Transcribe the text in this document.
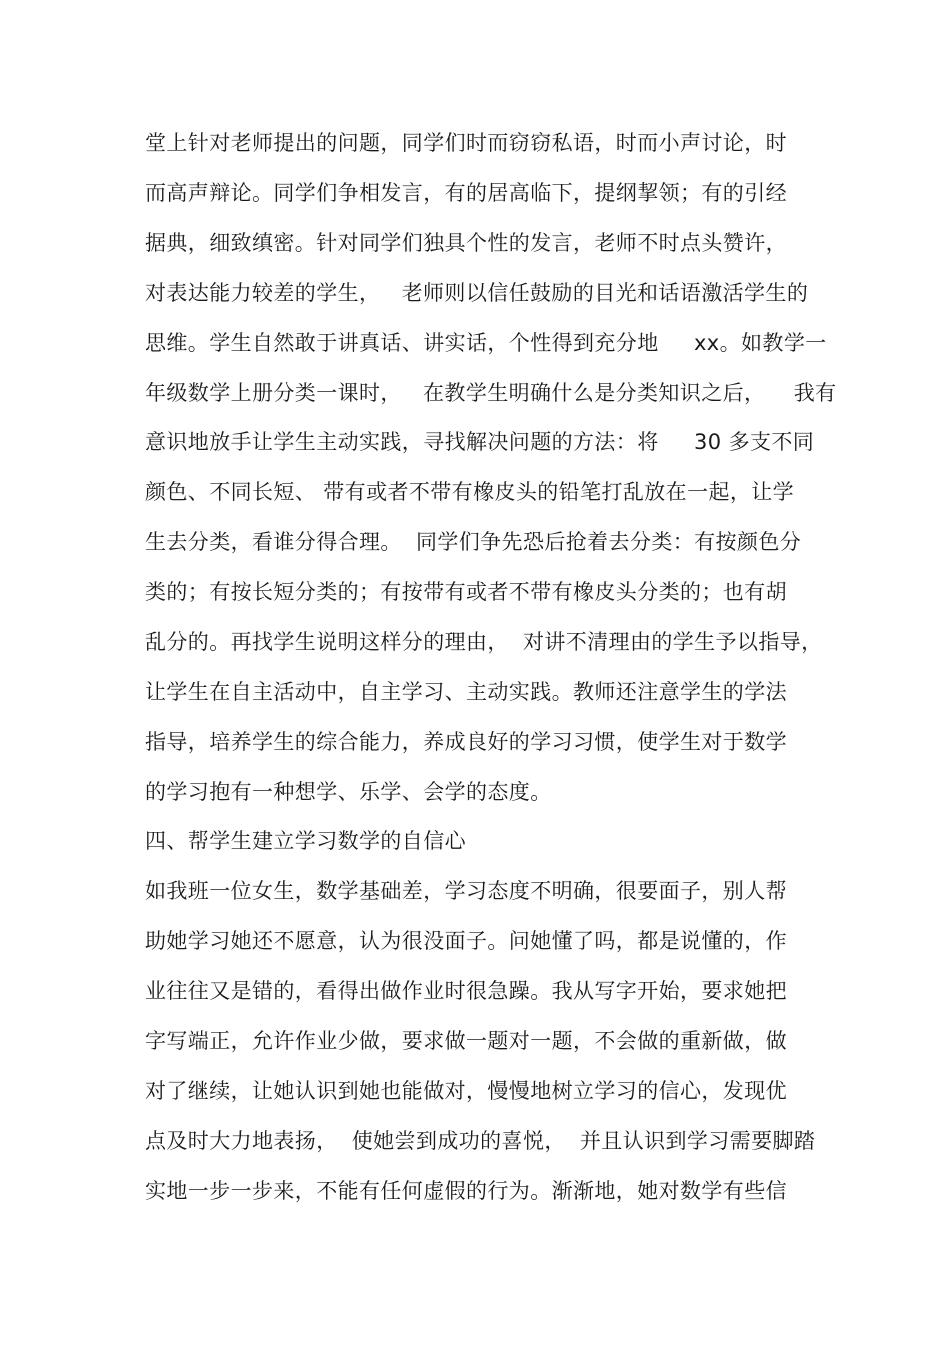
堂上针对老师提出的问题，同学们时而窃窃私语，时而小声讨论，时
而高声辩论。同学们争相发言，有的居高临下，提纲挈领；有的引经
据典，细致缜密。针对同学们独具个性的发言，老师不时点头赞许，
对表达能力较差的学生，   老师则以信任鼓励的目光和话语激活学生的
思维。学生自然敢于讲真话、讲实话，个性得到充分地     xx。如教学一
年级数学上册分类一课时，   在教学生明确什么是分类知识之后，    我有
意识地放手让学生主动实践，寻找解决问题的方法：将     30 多支不同
颜色、不同长短、 带有或者不带有橡皮头的铅笔打乱放在一起，让学
生去分类，看谁分得合理。  同学们争先恐后抢着去分类：有按颜色分
类的；有按长短分类的；有按带有或者不带有橡皮头分类的；也有胡
乱分的。再找学生说明这样分的理由，  对讲不清理由的学生予以指导，
让学生在自主活动中，自主学习、主动实践。教师还注意学生的学法
指导，培养学生的综合能力，养成良好的学习习惯，使学生对于数学
的学习抱有一种想学、乐学、会学的态度。
四、帮学生建立学习数学的自信心
如我班一位女生，数学基础差，学习态度不明确，很要面子，别人帮
助她学习她还不愿意，认为很没面子。问她懂了吗，都是说懂的，作
业往往又是错的，看得出做作业时很急躁。我从写字开始，要求她把
字写端正，允许作业少做，要求做一题对一题，不会做的重新做，做
对了继续，让她认识到她也能做对，慢慢地树立学习的信心，发现优
点及时大力地表扬，  使她尝到成功的喜悦，  并且认识到学习需要脚踏
实地一步一步来，不能有任何虚假的行为。渐渐地，她对数学有些信
